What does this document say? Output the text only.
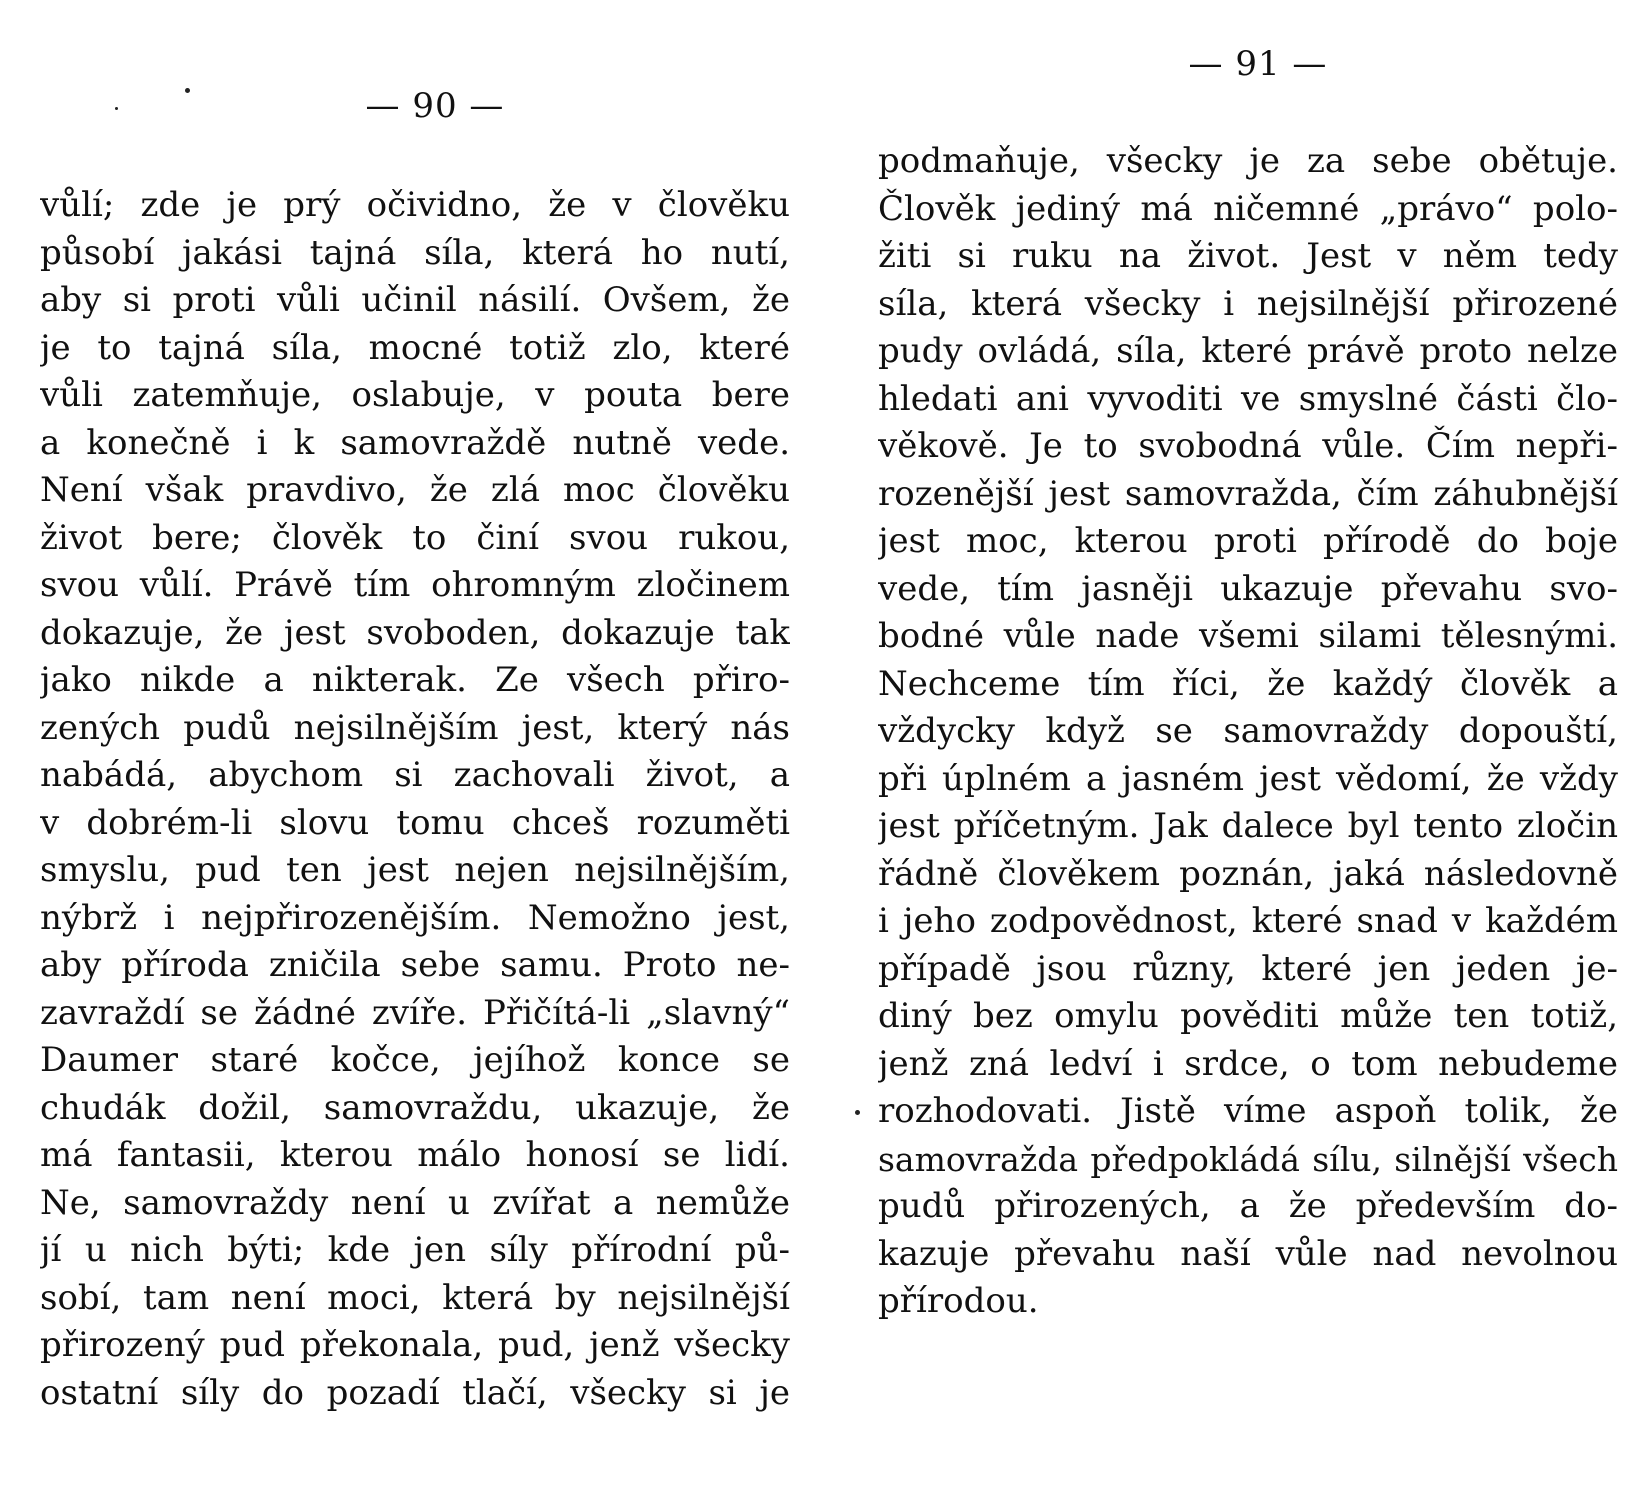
— 90 —
vůlí; zde je prý očividno, že v člověku
působí jakási tajná síla, která ho nutí,
aby si proti vůli učinil násilí. Ovšem, že
je to tajná síla, mocné totiž zlo, které
vůli zatemňuje, oslabuje, v pouta bere
a konečně i k samovraždě nutně vede.
Není však pravdivo, že zlá moc člověku
život bere; člověk to činí svou rukou,
svou vůlí. Právě tím ohromným zločinem
dokazuje, že jest svoboden, dokazuje tak
jako nikde a nikterak. Ze všech přiro-
zených pudů nejsilnějším jest, který nás
nabádá, abychom si zachovali život, a
v dobrém-li slovu tomu chceš rozuměti
smyslu, pud ten jest nejen nejsilnějším,
nýbrž i nejpřirozenějším. Nemožno jest,
aby příroda zničila sebe samu. Proto ne-
zavraždí se žádné zvíře. Přičítá-li „slavný“
Daumer staré kočce, jejíhož konce se
chudák dožil, samovraždu, ukazuje, že
má fantasii, kterou málo honosí se lidí.
Ne, samovraždy není u zvířat a nemůže
jí u nich býti; kde jen síly přírodní pů-
sobí, tam není moci, která by nejsilnější
přirozený pud překonala, pud, jenž všecky
ostatní síly do pozadí tlačí, všecky si je
— 91 —
podmaňuje, všecky je za sebe obětuje.
Člověk jediný má ničemné „právo“ polo-
žiti si ruku na život. Jest v něm tedy
síla, která všecky i nejsilnější přirozené
pudy ovládá, síla, které právě proto nelze
hledati ani vyvoditi ve smyslné části člo-
věkově. Je to svobodná vůle. Čím nepři-
rozenější jest samovražda, čím záhubnější
jest moc, kterou proti přírodě do boje
vede, tím jasněji ukazuje převahu svo-
bodné vůle nade všemi silami tělesnými.
Nechceme tím říci, že každý člověk a
vždycky když se samovraždy dopouští,
při úplném a jasném jest vědomí, že vždy
jest příčetným. Jak dalece byl tento zločin
řádně člověkem poznán, jaká následovně
i jeho zodpovědnost, které snad v každém
případě jsou různy, které jen jeden je-
diný bez omylu pověditi může ten totiž,
jenž zná ledví i srdce, o tom nebudeme
rozhodovati. Jistě víme aspoň tolik, že
samovražda předpokládá sílu, silnější všech
pudů přirozených, a že především do-
kazuje převahu naší vůle nad nevolnou
přírodou.
